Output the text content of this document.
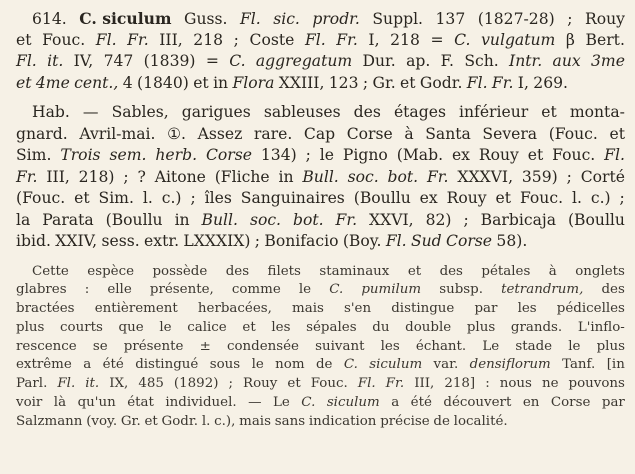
614. C. siculum Guss. Fl. sic. prodr. Suppl. 137 (1827-28) ; Rouy
et Fouc. Fl. Fr. III, 218 ; Coste Fl. Fr. I, 218 = C. vulgatum β Bert.
Fl. it. IV, 747 (1839) = C. aggregatum Dur. ap. F. Sch. Intr. aux 3me
et 4me cent., 4 (1840) et in Flora XXIII, 123 ; Gr. et Godr. Fl. Fr. I, 269.
Hab. — Sables, garigues sableuses des étages inférieur et monta-
gnard. Avril-mai. ①. Assez rare. Cap Corse à Santa Severa (Fouc. et
Sim. Trois sem. herb. Corse 134) ; le Pigno (Mab. ex Rouy et Fouc. Fl.
Fr. III, 218) ; ? Aitone (Fliche in Bull. soc. bot. Fr. XXXVI, 359) ; Corté
(Fouc. et Sim. l. c.) ; îles Sanguinaires (Boullu ex Rouy et Fouc. l. c.) ;
la Parata (Boullu in Bull. soc. bot. Fr. XXVI, 82) ; Barbicaja (Boullu
ibid. XXIV, sess. extr. LXXXIX) ; Bonifacio (Boy. Fl. Sud Corse 58).
Cette espèce possède des filets staminaux et des pétales à onglets
glabres : elle présente, comme le C. pumilum subsp. tetrandrum, des
bractées entièrement herbacées, mais s'en distingue par les pédicelles
plus courts que le calice et les sépales du double plus grands. L'inflo-
rescence se présente ± condensée suivant les échant. Le stade le plus
extrême a été distingué sous le nom de C. siculum var. densiflorum Tanf. [in
Parl. Fl. it. IX, 485 (1892) ; Rouy et Fouc. Fl. Fr. III, 218] : nous ne pouvons
voir là qu'un état individuel. — Le C. siculum a été découvert en Corse par
Salzmann (voy. Gr. et Godr. l. c.), mais sans indication précise de localité.
